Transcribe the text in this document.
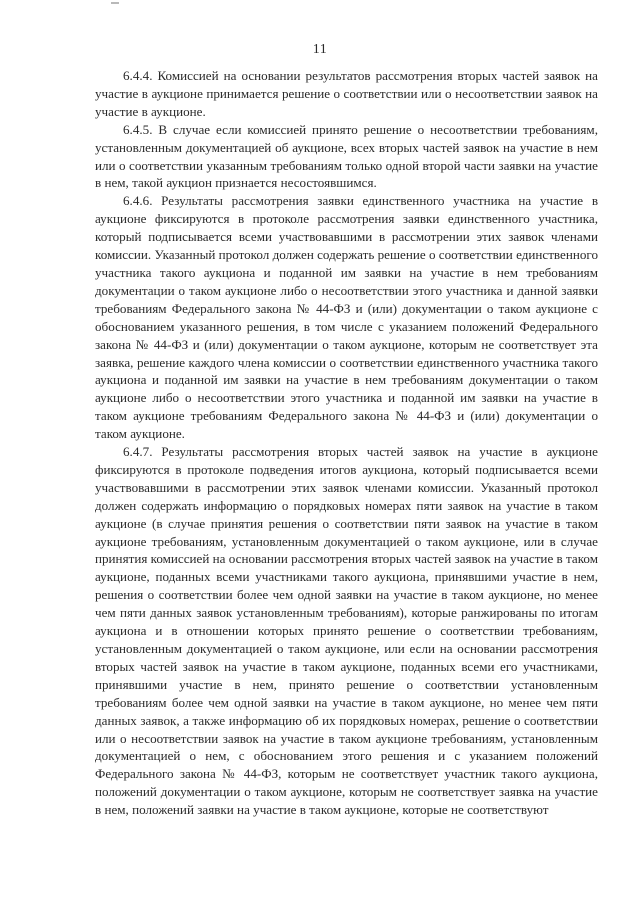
11

6.4.4. Комиссией на основании результатов рассмотрения вторых частей заявок на участие в аукционе принимается решение о соответствии или о несоответствии заявок на участие в аукционе.

6.4.5. В случае если комиссией принято решение о несоответствии требованиям, установленным документацией об аукционе, всех вторых частей заявок на участие в нем или о соответствии указанным требованиям только одной второй части заявки на участие в нем, такой аукцион признается несостоявшимся.

6.4.6. Результаты рассмотрения заявки единственного участника на участие в аукционе фиксируются в протоколе рассмотрения заявки единственного участника, который подписывается всеми участвовавшими в рассмотрении этих заявок членами комиссии. Указанный протокол должен содержать решение о соответствии единственного участника такого аукциона и поданной им заявки на участие в нем требованиям документации о таком аукционе либо о несоответствии этого участника и данной заявки требованиям Федерального закона № 44-ФЗ и (или) документации о таком аукционе с обоснованием указанного решения, в том числе с указанием положений Федерального закона № 44-ФЗ и (или) документации о таком аукционе, которым не соответствует эта заявка, решение каждого члена комиссии о соответствии единственного участника такого аукциона и поданной им заявки на участие в нем требованиям документации о таком аукционе либо о несоответствии этого участника и поданной им заявки на участие в таком аукционе требованиям Федерального закона № 44-ФЗ и (или) документации о таком аукционе.

6.4.7. Результаты рассмотрения вторых частей заявок на участие в аукционе фиксируются в протоколе подведения итогов аукциона, который подписывается всеми участвовавшими в рассмотрении этих заявок членами комиссии. Указанный протокол должен содержать информацию о порядковых номерах пяти заявок на участие в таком аукционе (в случае принятия решения о соответствии пяти заявок на участие в таком аукционе требованиям, установленным документацией о таком аукционе, или в случае принятия комиссией на основании рассмотрения вторых частей заявок на участие в таком аукционе, поданных всеми участниками такого аукциона, принявшими участие в нем, решения о соответствии более чем одной заявки на участие в таком аукционе, но менее чем пяти данных заявок установленным требованиям), которые ранжированы по итогам аукциона и в отношении которых принято решение о соответствии требованиям, установленным документацией о таком аукционе, или если на основании рассмотрения вторых частей заявок на участие в таком аукционе, поданных всеми его участниками, принявшими участие в нем, принято решение о соответствии установленным требованиям более чем одной заявки на участие в таком аукционе, но менее чем пяти данных заявок, а также информацию об их порядковых номерах, решение о соответствии или о несоответствии заявок на участие в таком аукционе требованиям, установленным документацией о нем, с обоснованием этого решения и с указанием положений Федерального закона № 44-ФЗ, которым не соответствует участник такого аукциона, положений документации о таком аукционе, которым не соответствует заявка на участие в нем, положений заявки на участие в таком аукционе, которые не соответствуют
